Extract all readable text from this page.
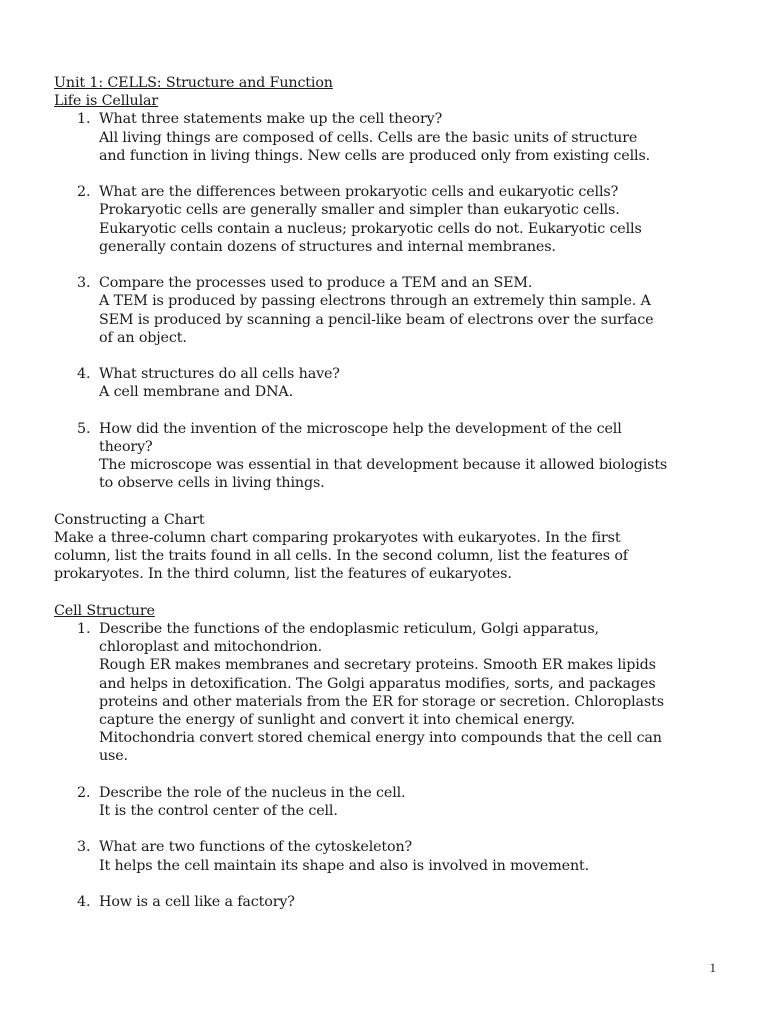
Unit 1: CELLS: Structure and Function
Life is Cellular
1. What three statements make up the cell theory?
All living things are composed of cells. Cells are the basic units of structure
and function in living things. New cells are produced only from existing cells.
2. What are the differences between prokaryotic cells and eukaryotic cells?
Prokaryotic cells are generally smaller and simpler than eukaryotic cells.
Eukaryotic cells contain a nucleus; prokaryotic cells do not. Eukaryotic cells
generally contain dozens of structures and internal membranes.
3. Compare the processes used to produce a TEM and an SEM.
A TEM is produced by passing electrons through an extremely thin sample. A
SEM is produced by scanning a pencil-like beam of electrons over the surface
of an object.
4. What structures do all cells have?
A cell membrane and DNA.
5. How did the invention of the microscope help the development of the cell
theory?
The microscope was essential in that development because it allowed biologists
to observe cells in living things.
Constructing a Chart
Make a three-column chart comparing prokaryotes with eukaryotes. In the first
column, list the traits found in all cells. In the second column, list the features of
prokaryotes. In the third column, list the features of eukaryotes.
Cell Structure
1. Describe the functions of the endoplasmic reticulum, Golgi apparatus,
chloroplast and mitochondrion.
Rough ER makes membranes and secretary proteins. Smooth ER makes lipids
and helps in detoxification. The Golgi apparatus modifies, sorts, and packages
proteins and other materials from the ER for storage or secretion. Chloroplasts
capture the energy of sunlight and convert it into chemical energy.
Mitochondria convert stored chemical energy into compounds that the cell can
use.
2. Describe the role of the nucleus in the cell.
It is the control center of the cell.
3. What are two functions of the cytoskeleton?
It helps the cell maintain its shape and also is involved in movement.
4. How is a cell like a factory?
1
